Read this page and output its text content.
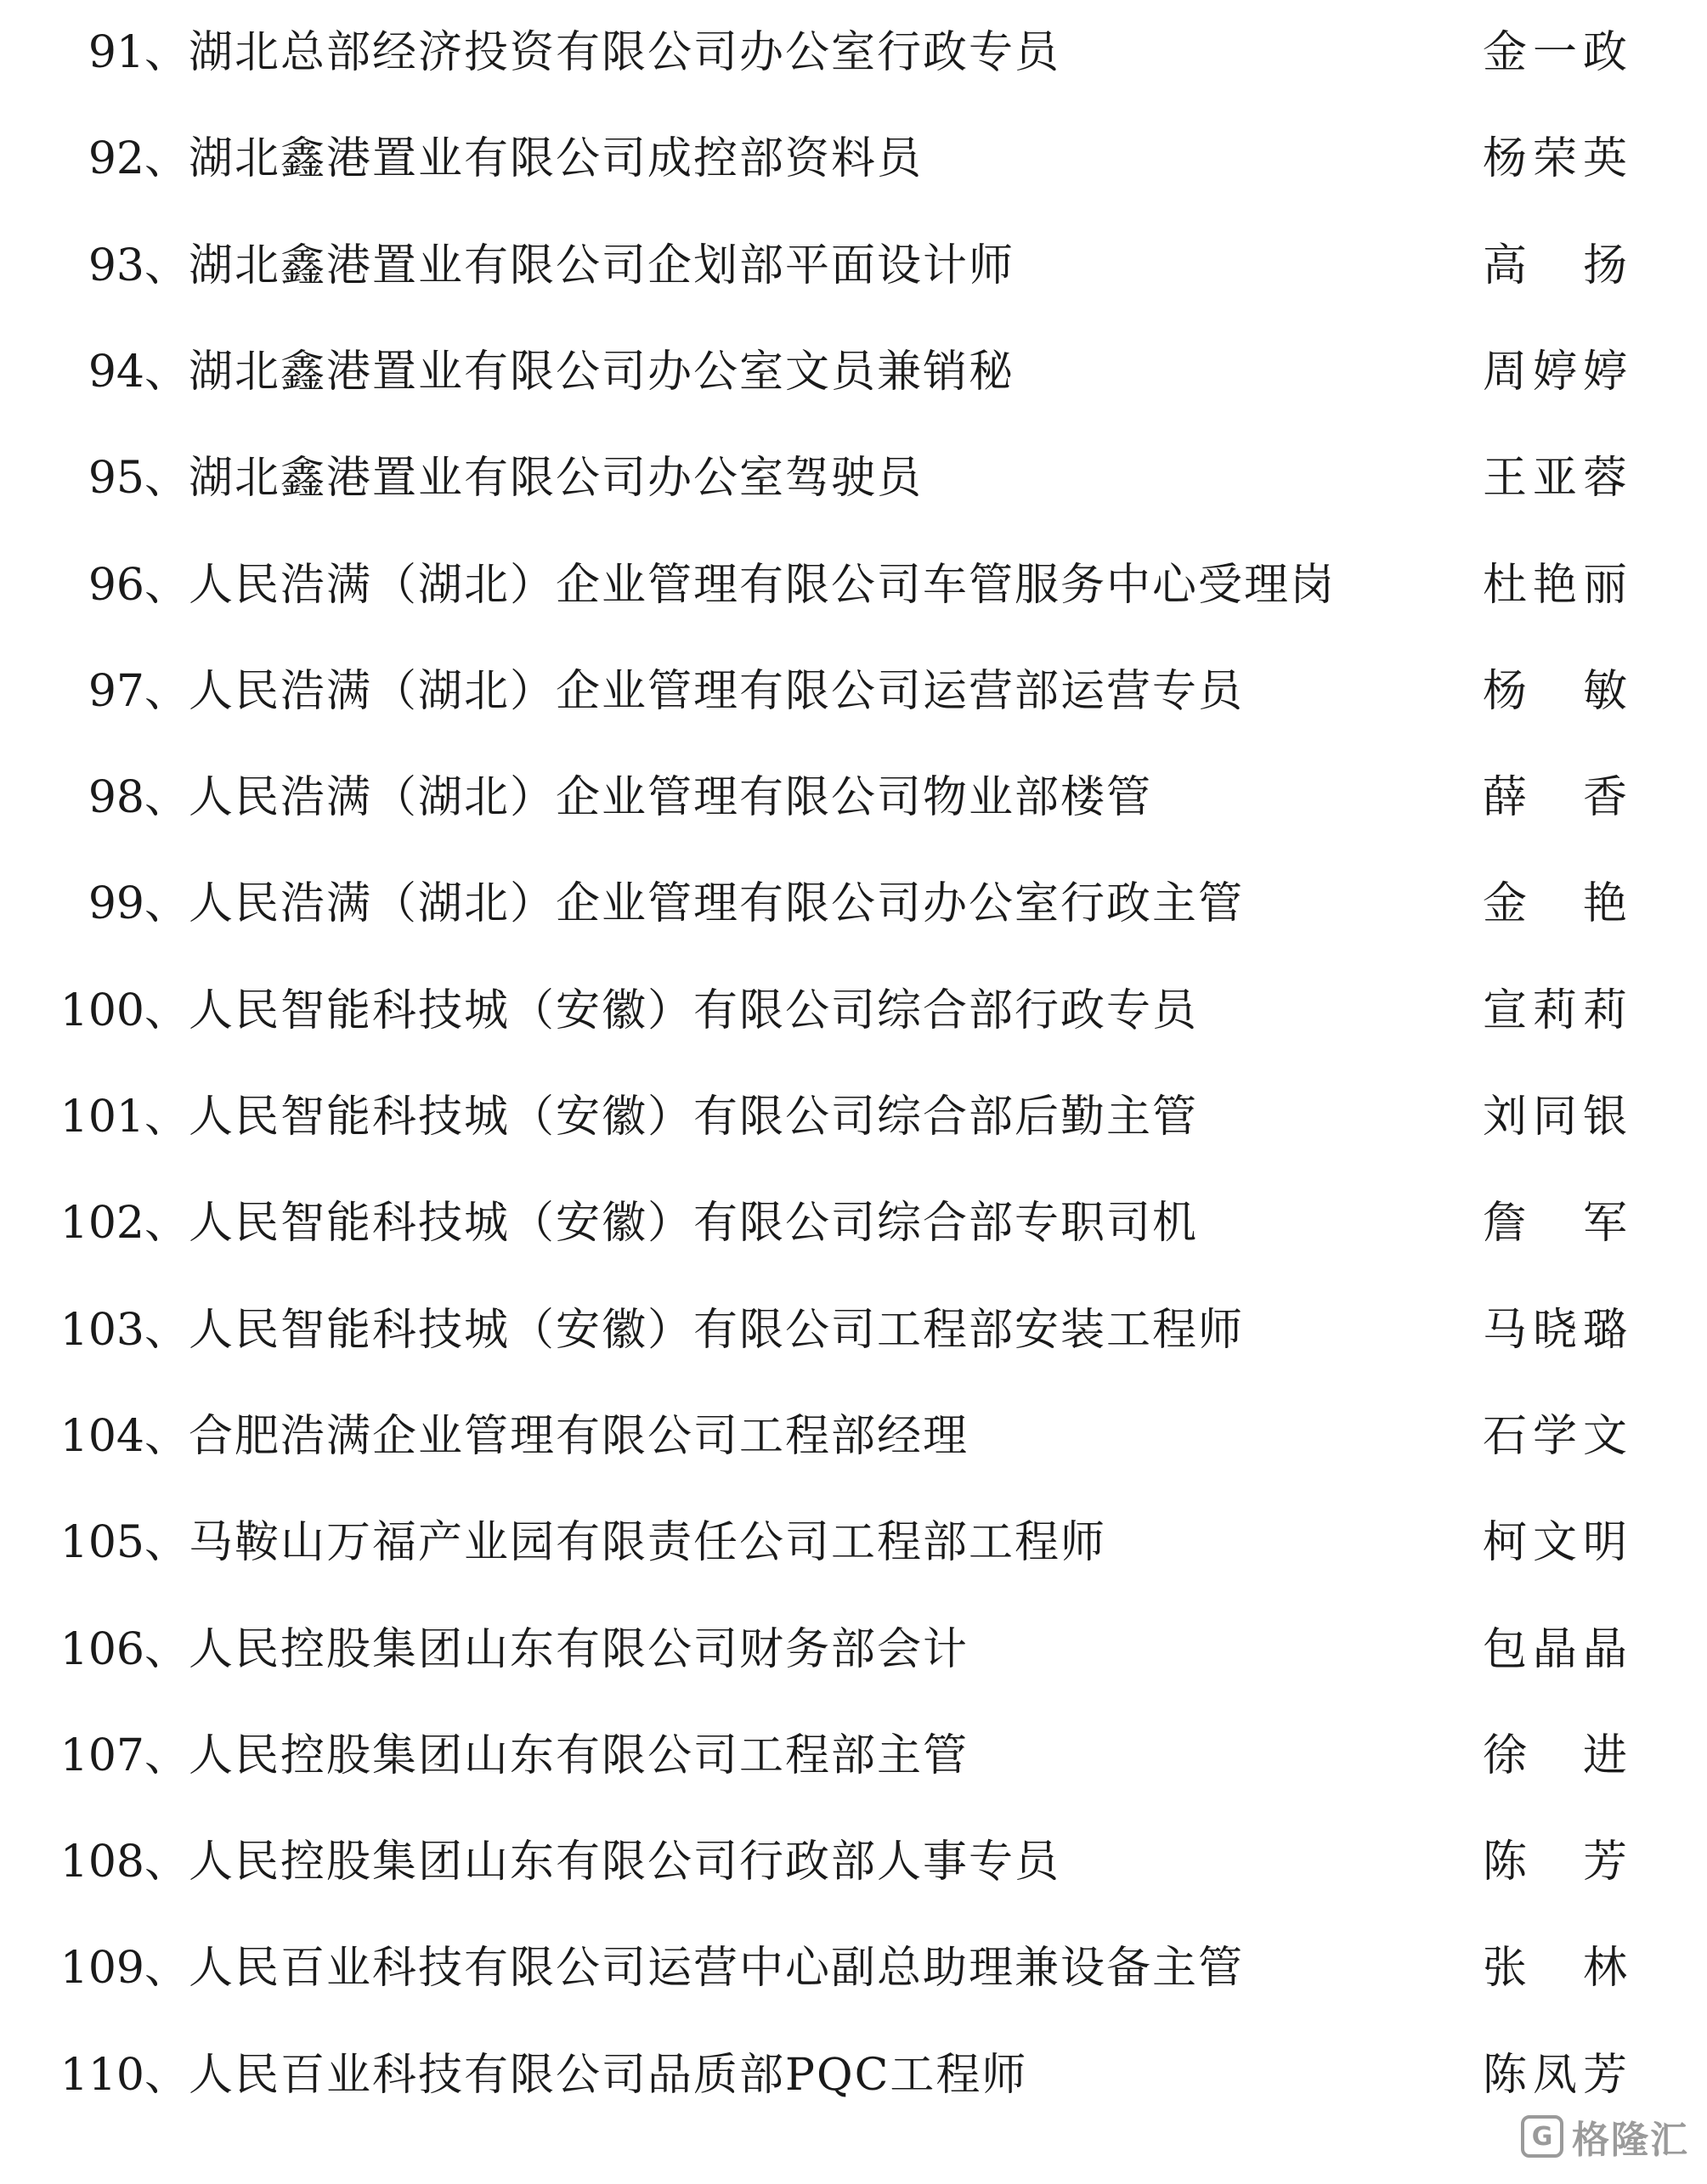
91、 湖北总部经济投资有限公司办公室行政专员	金一政
92、 湖北鑫港置业有限公司成控部资料员	杨荣英
93、 湖北鑫港置业有限公司企划部平面设计师	高 扬
94、 湖北鑫港置业有限公司办公室文员兼销秘	周婷婷
95、 湖北鑫港置业有限公司办公室驾驶员	王亚蓉
96、 人民浩满（湖北）企业管理有限公司车管服务中心受理岗	杜艳丽
97、 人民浩满（湖北）企业管理有限公司运营部运营专员	杨 敏
98、 人民浩满（湖北）企业管理有限公司物业部楼管	薛 香
99、 人民浩满（湖北）企业管理有限公司办公室行政主管	金 艳
100、 人民智能科技城（安徽）有限公司综合部行政专员	宣莉莉
101、 人民智能科技城（安徽）有限公司综合部后勤主管	刘同银
102、 人民智能科技城（安徽）有限公司综合部专职司机	詹 军
103、 人民智能科技城（安徽）有限公司工程部安装工程师	马晓璐
104、 合肥浩满企业管理有限公司工程部经理	石学文
105、 马鞍山万福产业园有限责任公司工程部工程师	柯文明
106、 人民控股集团山东有限公司财务部会计	包晶晶
107、 人民控股集团山东有限公司工程部主管	徐 进
108、 人民控股集团山东有限公司行政部人事专员	陈 芳
109、 人民百业科技有限公司运营中心副总助理兼设备主管	张 林
110、 人民百业科技有限公司品质部PQC工程师	陈凤芳
G 格隆汇
